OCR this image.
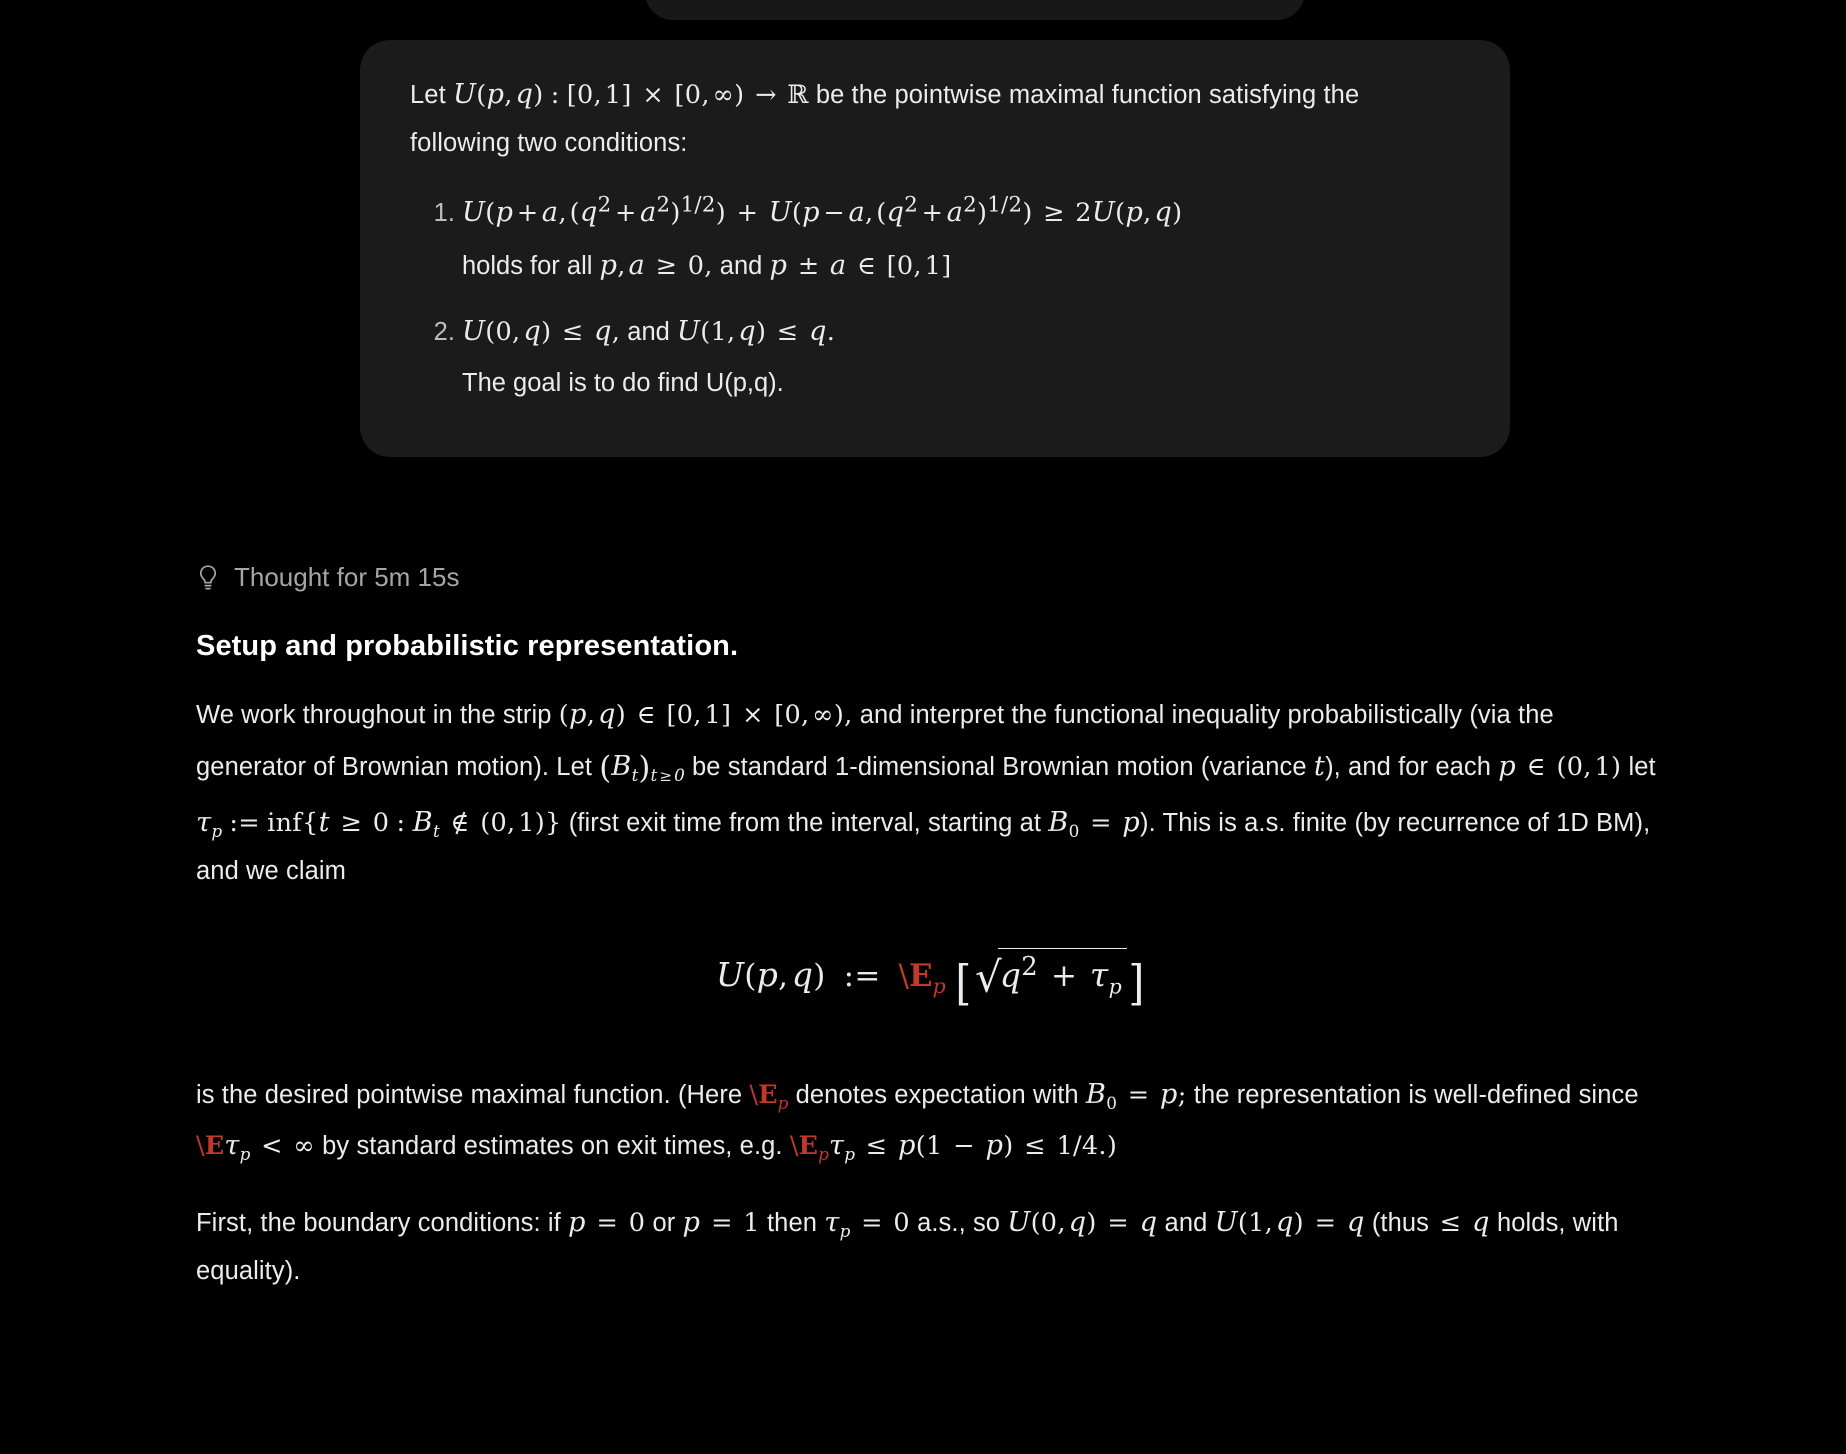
Let U(p, q) : [0, 1] × [0, ∞) → ℝ be the pointwise maximal function satisfying the following two conditions:

1. U(p + a, $(q^2 + a^2)^{1/2}) + U(p - a$, $(q^2 + a^2)^{1/2}) \ge 2U(p$, q)
holds for all p, a ≥ 0, and p ± a ∈ [0, 1]
2. U(0, q) ≤ q, and U(1, q) ≤ q.
The goal is to do find U(p,q).
Thought for 5m 15s
Setup and probabilistic representation.

We work throughout in the strip (p, q) ∈ [0, 1] × [0, ∞), and interpret the functional inequality probabilistically (via the generator of Brownian motion). Let $(B_t)_{t \ge 0}$ be standard 1-dimensional Brownian motion (variance t), and for each p ∈ (0, 1) let $\tau_p$ := inf{t ≥ 0 : $B_t$ ∉ (0, 1)} (first exit time from the interval, starting at $B_0 = p$). This is a.s. finite (by recurrence of 1D BM), and we claim

U(p, q) := $\backslash E_p$ [$√q^2 + \tau_p$ ]

is the desired pointwise maximal function. (Here $\backslash E_p$ denotes expectation with $B_0 = p$; the representation is well-defined since $\backslash E\tau_p$ < ∞ by standard estimates on exit times, e.g. $\backslash E_p\tau_p \le p(1 - p) \le 1/4$.)

First, the boundary conditions: if p = 0 or p = 1 then $\tau_p = 0$ a.s., so U(0, q) = q and U(1, q) = q (thus ≤ q holds, with equality).
